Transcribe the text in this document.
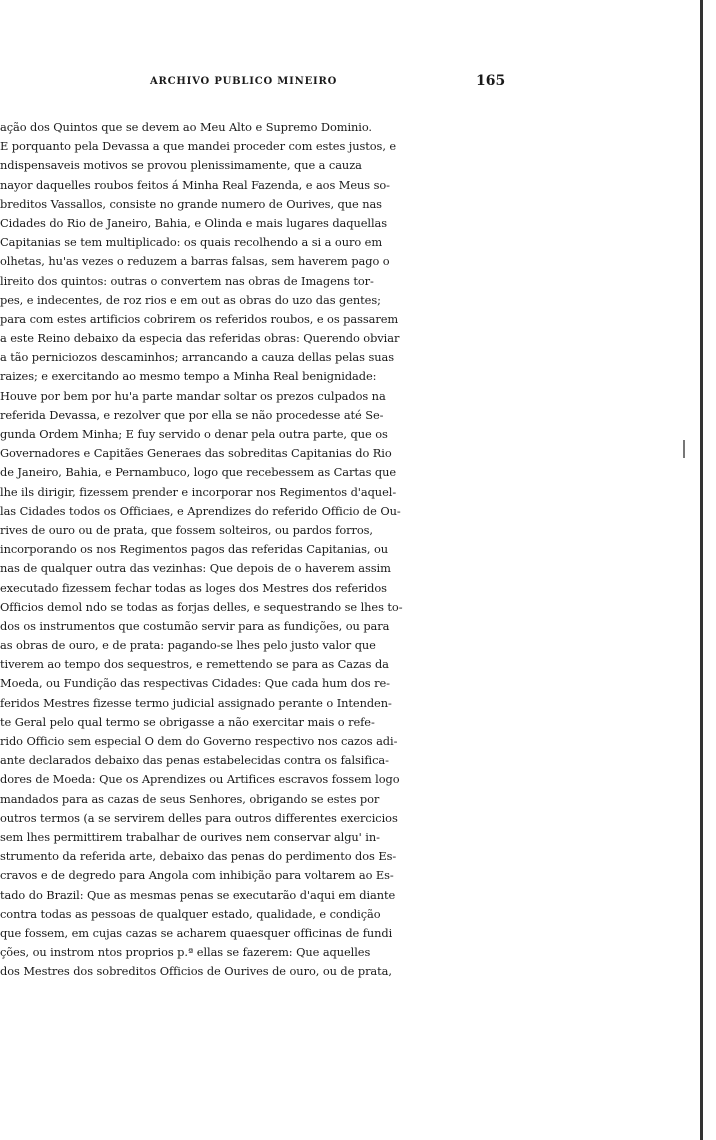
ARCHIVO PUBLICO MINEIRO	165
ação dos Quintos que se devem ao Meu Alto e Supremo Dominio.
E porquanto pela Devassa a que mandei proceder com estes justos, e
ndispensaveis motivos se provou plenissimamente, que a cauza
nayor daquelles roubos feitos á Minha Real Fazenda, e aos Meus so-
breditos Vassallos, consiste no grande numero de Ourives, que nas
Cidades do Rio de Janeiro, Bahia, e Olinda e mais lugares daquellas
Capitanias se tem multiplicado: os quais recolhendo a si a ouro em
olhetas, hu'as vezes o reduzem a barras falsas, sem haverem pago o
lireito dos quintos: outras o convertem nas obras de Imagens tor-
pes, e indecentes, de roz rios e em out as obras do uzo das gentes;
para com estes artificios cobrirem os referidos roubos, e os passarem
a este Reino debaixo da especia das referidas obras: Querendo obviar
a tão perniciozos descaminhos; arrancando a cauza dellas pelas suas
raizes; e exercitando ao mesmo tempo a Minha Real benignidade:
Houve por bem por hu'a parte mandar soltar os prezos culpados na
referida Devassa, e rezolver que por ella se não procedesse até Se-
gunda Ordem Minha; E fuy servido o denar pela outra parte, que os
Governadores e Capitães Generaes das sobreditas Capitanias do Rio
de Janeiro, Bahia, e Pernambuco, logo que recebessem as Cartas que
lhe ils dirigir, fizessem prender e incorporar nos Regimentos d'aquel-
las Cidades todos os Officiaes, e Aprendizes do referido Officio de Ou-
rives de ouro ou de prata, que fossem solteiros, ou pardos forros,
incorporando os nos Regimentos pagos das referidas Capitanias, ou
nas de qualquer outra das vezinhas: Que depois de o haverem assim
executado fizessem fechar todas as loges dos Mestres dos referidos
Officios demol ndo se todas as forjas delles, e sequestrando se lhes to-
dos os instrumentos que costumão servir para as fundições, ou para
as obras de ouro, e de prata: pagando-se lhes pelo justo valor que
tiverem ao tempo dos sequestros, e remettendo se para as Cazas da
Moeda, ou Fundição das respectivas Cidades: Que cada hum dos re-
feridos Mestres fizesse termo judicial assignado perante o Intenden-
te Geral pelo qual termo se obrigasse a não exercitar mais o refe-
rido Officio sem especial O dem do Governo respectivo nos cazos adi-
ante declarados debaixo das penas estabelecidas contra os falsifica-
dores de Moeda: Que os Aprendizes ou Artifices escravos fossem logo
mandados para as cazas de seus Senhores, obrigando se estes por
outros termos (a se servirem delles para outros differentes exercicios
sem lhes permittirem trabalhar de ourives nem conservar algu' in-
strumento da referida arte, debaixo das penas do perdimento dos Es-
cravos e de degredo para Angola com inhibição para voltarem ao Es-
tado do Brazil: Que as mesmas penas se executarão d'aqui em diante
contra todas as pessoas de qualquer estado, qualidade, e condição
que fossem, em cujas cazas se acharem quaesquer officinas de fundi
ções, ou instrom ntos proprios p.ª ellas se fazerem: Que aquelles
dos Mestres dos sobreditos Officios de Ourives de ouro, ou de prata,
